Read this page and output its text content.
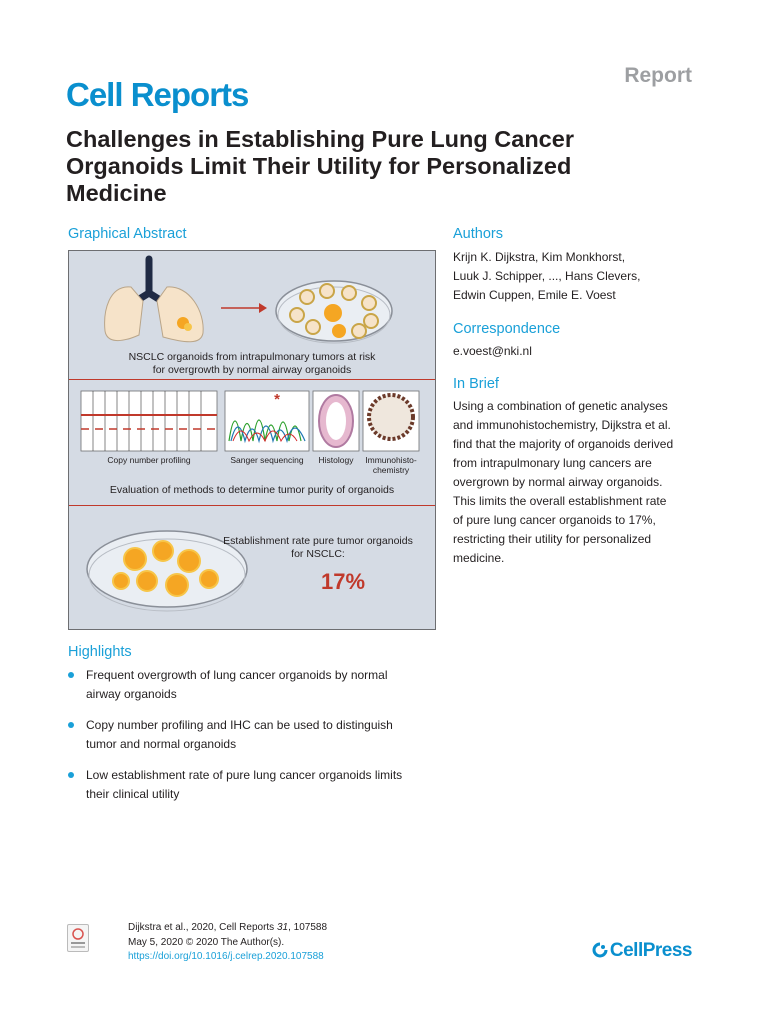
Report
Cell Reports
Challenges in Establishing Pure Lung Cancer Organoids Limit Their Utility for Personalized Medicine
Graphical Abstract
NSCLC organoids from intrapulmonary tumors at risk
for overgrowth by normal airway organoids
*
Copy number profiling	Sanger sequencing	Histology	Immunohisto-
chemistry
Evaluation of methods to determine tumor purity of organoids
Establishment rate pure tumor organoids
for NSCLC:
17%
Authors
Krijn K. Dijkstra, Kim Monkhorst,
Luuk J. Schipper, ..., Hans Clevers,
Edwin Cuppen, Emile E. Voest
Correspondence
e.voest@nki.nl
In Brief
Using a combination of genetic analyses
and immunohistochemistry, Dijkstra et al.
find that the majority of organoids derived
from intrapulmonary lung cancers are
overgrown by normal airway organoids.
This limits the overall establishment rate
of pure lung cancer organoids to 17%,
restricting their utility for personalized
medicine.
Highlights
Frequent overgrowth of lung cancer organoids by normal
airway organoids
Copy number profiling and IHC can be used to distinguish
tumor and normal organoids
Low establishment rate of pure lung cancer organoids limits
their clinical utility
Dijkstra et al., 2020, Cell Reports 31, 107588
May 5, 2020 © 2020 The Author(s).
https://doi.org/10.1016/j.celrep.2020.107588	CellPress
